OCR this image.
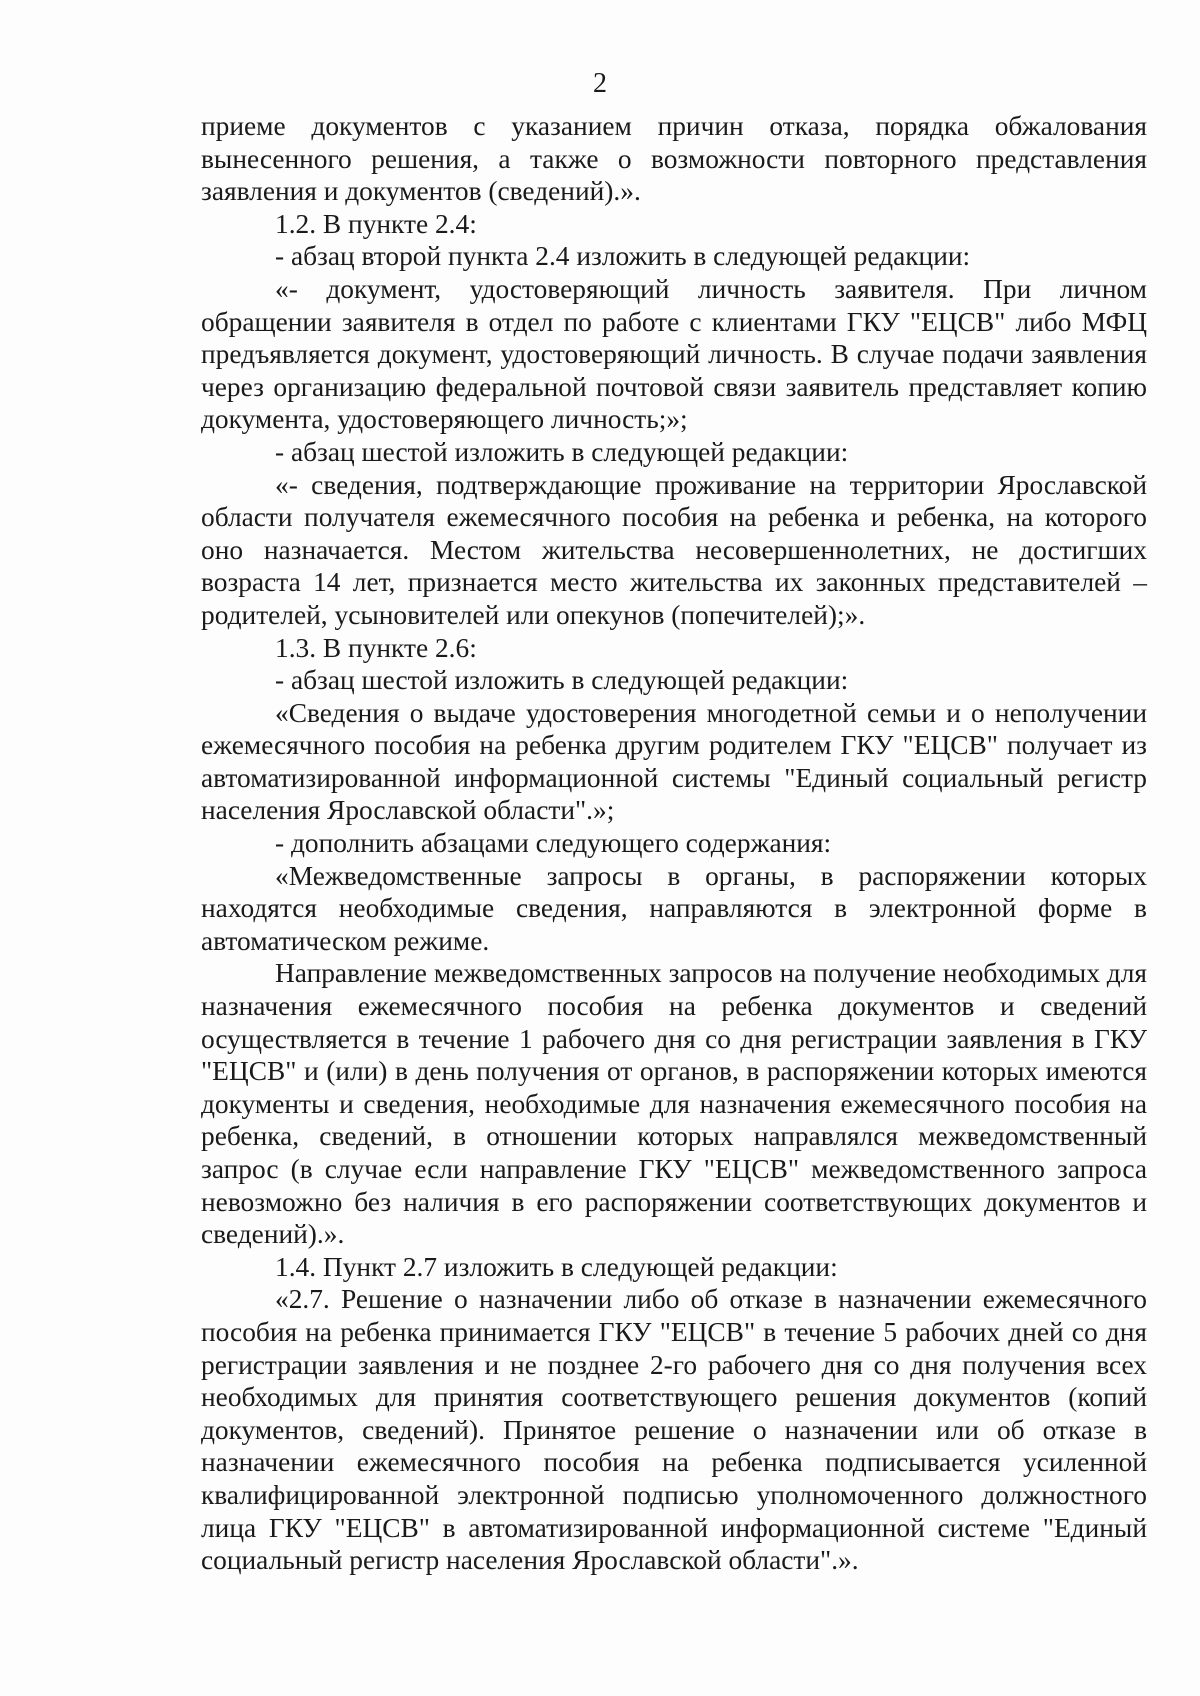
2

приеме документов с указанием причин отказа, порядка обжалования вынесенного решения, а также о возможности повторного представления заявления и документов (сведений).».

1.2. В пункте 2.4:

- абзац второй пункта 2.4 изложить в следующей редакции:

«- документ, удостоверяющий личность заявителя. При личном обращении заявителя в отдел по работе с клиентами ГКУ "ЕЦСВ" либо МФЦ предъявляется документ, удостоверяющий личность. В случае подачи заявления через организацию федеральной почтовой связи заявитель представляет копию документа, удостоверяющего личность;»;

- абзац шестой изложить в следующей редакции:

«- сведения, подтверждающие проживание на территории Ярославской области получателя ежемесячного пособия на ребенка и ребенка, на которого оно назначается. Местом жительства несовершеннолетних, не достигших возраста 14 лет, признается место жительства их законных представителей – родителей, усыновителей или опекунов (попечителей);».

1.3. В пункте 2.6:

- абзац шестой изложить в следующей редакции:

«Сведения о выдаче удостоверения многодетной семьи и о неполучении ежемесячного пособия на ребенка другим родителем ГКУ "ЕЦСВ" получает из автоматизированной информационной системы "Единый социальный регистр населения Ярославской области".»;

- дополнить абзацами следующего содержания:

«Межведомственные запросы в органы, в распоряжении которых находятся необходимые сведения, направляются в электронной форме в автоматическом режиме.

Направление межведомственных запросов на получение необходимых для назначения ежемесячного пособия на ребенка документов и сведений осуществляется в течение 1 рабочего дня со дня регистрации заявления в ГКУ "ЕЦСВ" и (или) в день получения от органов, в распоряжении которых имеются документы и сведения, необходимые для назначения ежемесячного пособия на ребенка, сведений, в отношении которых направлялся межведомственный запрос (в случае если направление ГКУ "ЕЦСВ" межведомственного запроса невозможно без наличия в его распоряжении соответствующих документов и сведений).».

1.4. Пункт 2.7 изложить в следующей редакции:

«2.7. Решение о назначении либо об отказе в назначении ежемесячного пособия на ребенка принимается ГКУ "ЕЦСВ" в течение 5 рабочих дней со дня регистрации заявления и не позднее 2-го рабочего дня со дня получения всех необходимых для принятия соответствующего решения документов (копий документов, сведений). Принятое решение о назначении или об отказе в назначении ежемесячного пособия на ребенка подписывается усиленной квалифицированной электронной подписью уполномоченного должностного лица ГКУ "ЕЦСВ" в автоматизированной информационной системе "Единый социальный регистр населения Ярославской области".».
